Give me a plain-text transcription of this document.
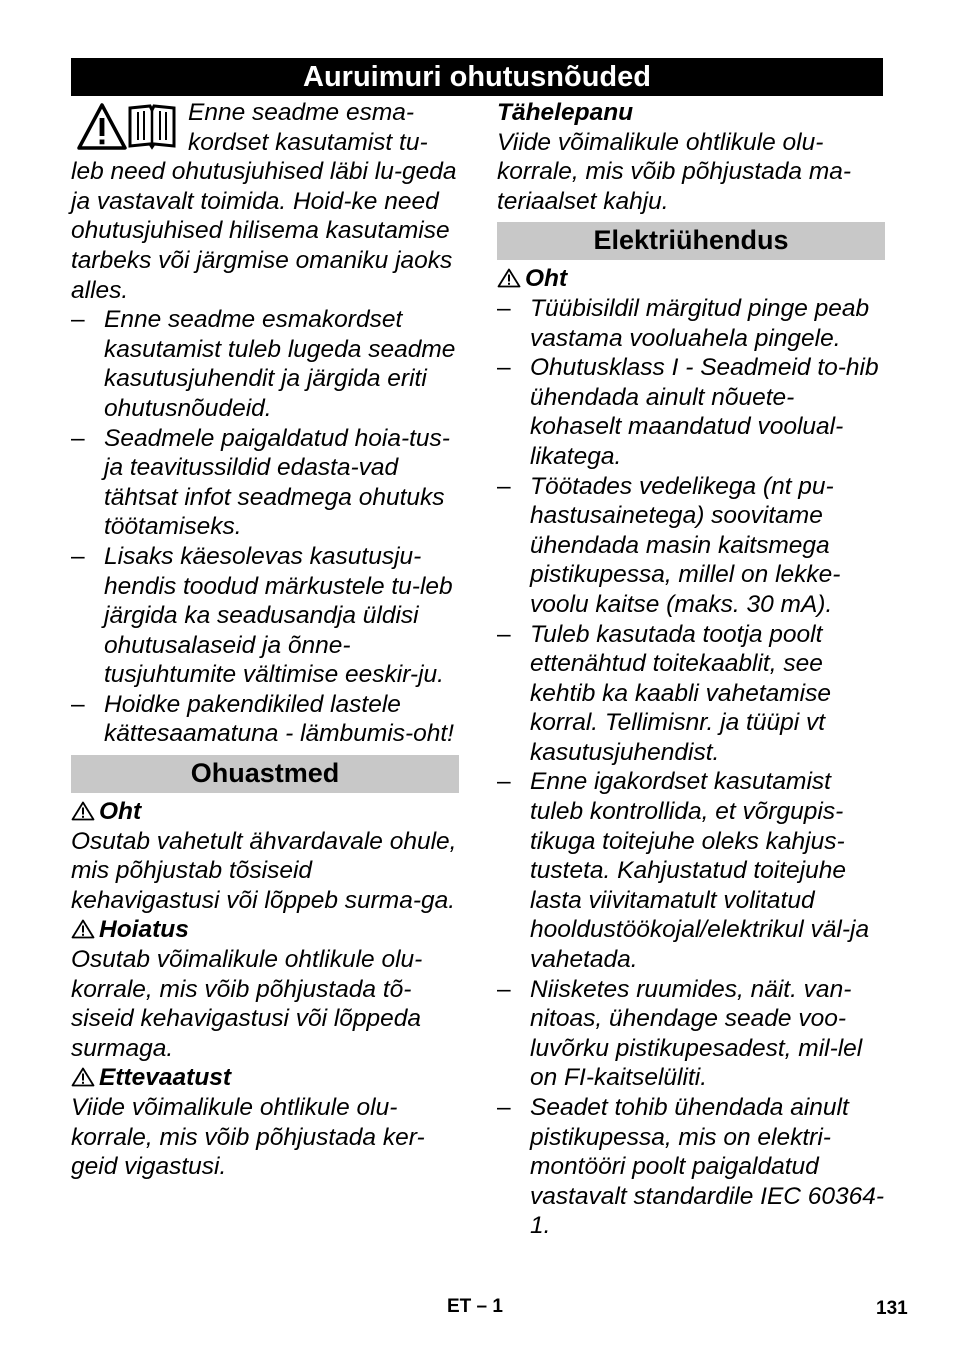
Auruimuri ohutusnõuded

Enne seadme esma-kordset kasutamist tu-leb need ohutusjuhised läbi lu-geda ja vastavalt toimida. Hoid-ke need ohutusjuhised hilisema kasutamise tarbeks või järgmise omaniku jaoks alles.

– Enne seadme esmakordset kasutamist tuleb lugeda seadme kasutusjuhendit ja järgida eriti ohutusnõudeid.
– Seadmele paigaldatud hoia-tus- ja teavitussildid edasta-vad tähtsat infot seadmega ohutuks töötamiseks.
– Lisaks käesolevas kasutusju-hendis toodud märkustele tu-leb järgida ka seadusandja üldisi ohutusalaseid ja õnne-tusjuhtumite vältimise eeskir-ju.
– Hoidke pakendikiled lastele kättesaamatuna - lämbumis-oht!
Ohuastmed
Oht

Osutab vahetult ähvardavale ohule, mis põhjustab tõsiseid kehavigastusi või lõppeb surma-ga.

Hoiatus

Osutab võimalikule ohtlikule olu-korrale, mis võib põhjustada tõ-siseid kehavigastusi või lõppeda surmaga.

Ettevaatust

Viide võimalikule ohtlikule olu-korrale, mis võib põhjustada ker-geid vigastusi.

Tähelepanu

Viide võimalikule ohtlikule olu-korrale, mis võib põhjustada ma-teriaalset kahju.

Elektriühendus
Oht
– Tüübisildil märgitud pinge peab vastama vooluahela pingele.
– Ohutusklass I - Seadmeid to-hib ühendada ainult nõuete-kohaselt maandatud voolual-likatega.
– Töötades vedelikega (nt pu-hastusainetega) soovitame ühendada masin kaitsmega pistikupessa, millel on lekke-voolu kaitse (maks. 30 mA).
– Tuleb kasutada tootja poolt ettenähtud toitekaablit, see kehtib ka kaabli vahetamise korral. Tellimisnr. ja tüüpi vt kasutusjuhendist.
– Enne igakordset kasutamist tuleb kontrollida, et võrgupis-tikuga toitejuhe oleks kahjus-tusteta. Kahjustatud toitejuhe lasta viivitamatult volitatud hooldustöökojal/elektrikul väl-ja vahetada.
– Niisketes ruumides, näit. van-nitoas, ühendage seade voo-luvõrku pistikupesadest, mil-lel on FI-kaitselüliti.
– Seadet tohib ühendada ainult pistikupessa, mis on elektri-montööri poolt paigaldatud vastavalt standardile IEC 60364-1.
ET – 1	131
